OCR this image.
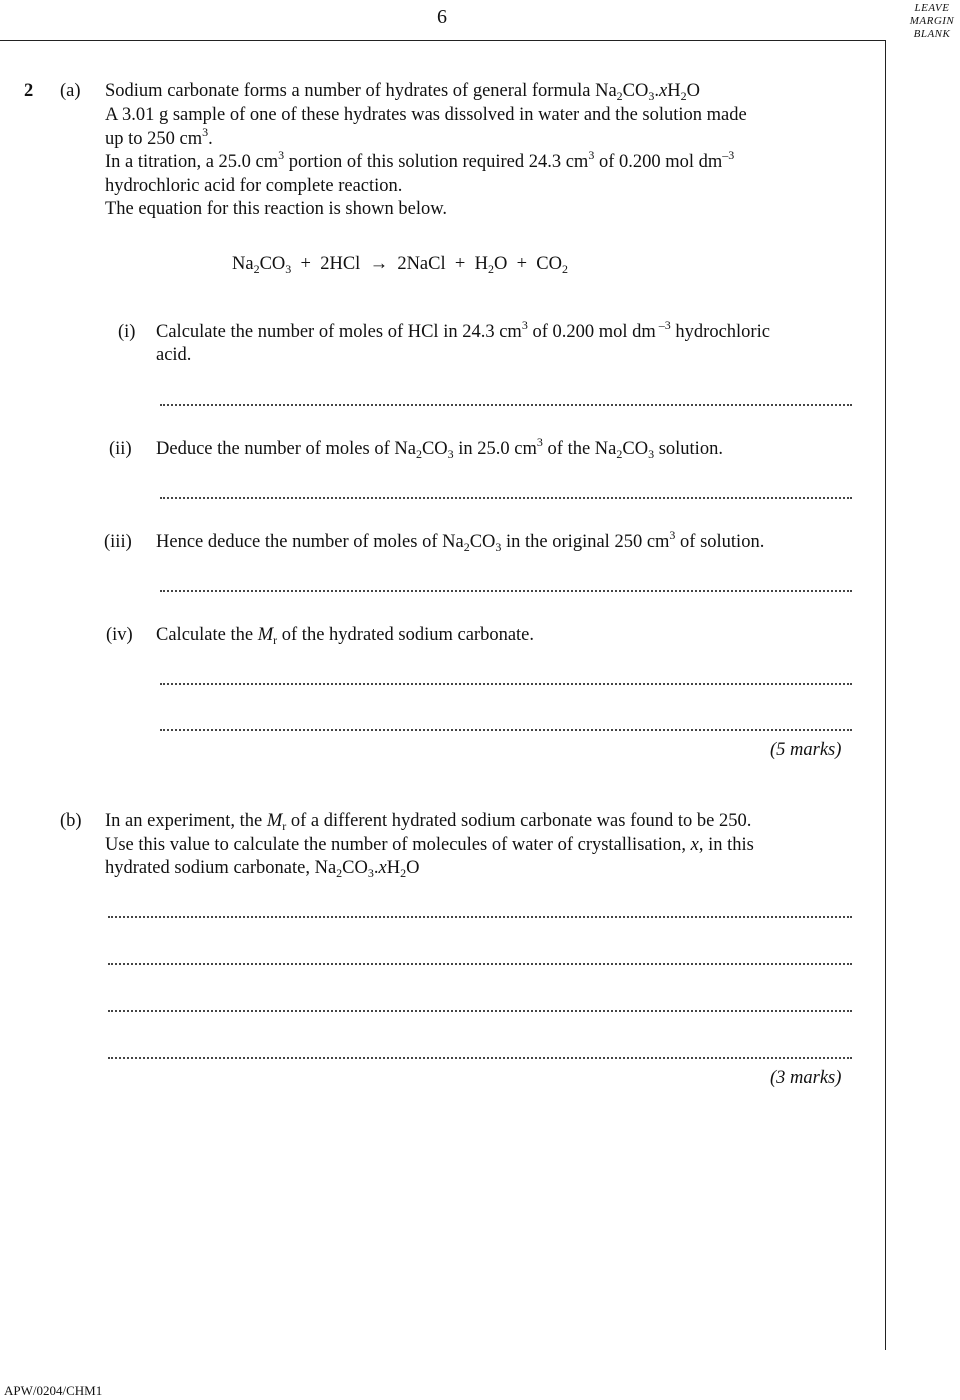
6	LEAVE
MARGIN
BLANK
2 (a) Sodium carbonate forms a number of hydrates of general formula $Na_2CO_3.xH_2O$
A 3.01 g sample of one of these hydrates was dissolved in water and the solution made
up to 250 $cm^3$.
In a titration, a 25.0 $cm^3$ portion of this solution required 24.3 $cm^3$ of 0.200 mol $dm^{-3}$
hydrochloric acid for complete reaction.
The equation for this reaction is shown below.
$Na_2CO_3 + 2HCl$ → 2NaCl + $H_2O + CO_2$
(i) Calculate the number of moles of HCl in 24.3 $cm^3$ of 0.200 mol dm $^{-3}$ hydrochloric
acid.
(ii) Deduce the number of moles of $Na_2CO_3$ in 25.0 $cm^3$ of the $Na_2CO_3$ solution.
(iii) Hence deduce the number of moles of $Na_2CO_3$ in the original 250 $cm^3$ of solution.
(iv) Calculate the $M_r$ of the hydrated sodium carbonate.
(5 marks)
(b) In an experiment, the $M_r$ of a different hydrated sodium carbonate was found to be 250.
Use this value to calculate the number of molecules of water of crystallisation, x, in this
hydrated sodium carbonate, $Na_2CO_3.xH_2O$
(3 marks)
APW/0204/CHM1
